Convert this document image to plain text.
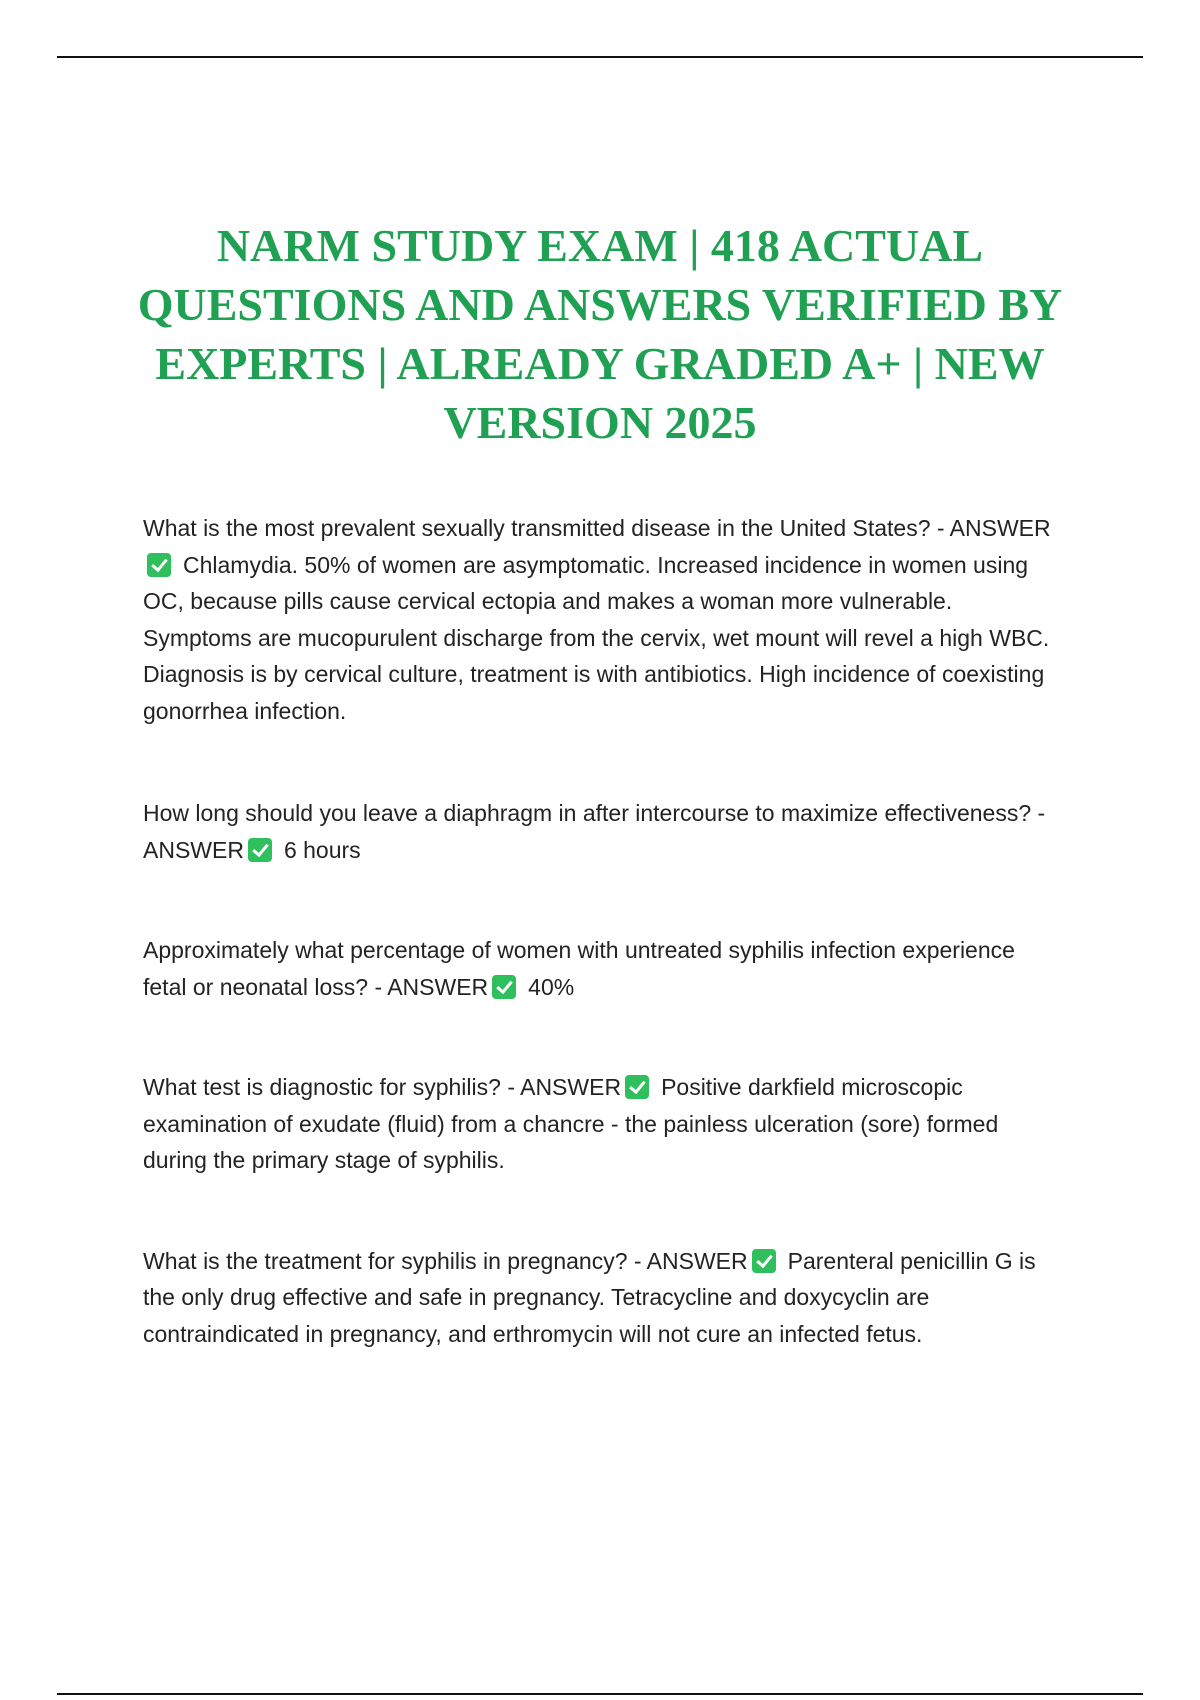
NARM STUDY EXAM | 418 ACTUAL QUESTIONS AND ANSWERS VERIFIED BY EXPERTS | ALREADY GRADED A+ | NEW VERSION 2025

What is the most prevalent sexually transmitted disease in the United States? - ANSWERChlamydia. 50% of women are asymptomatic. Increased incidence in women using OC, because pills cause cervical ectopia and makes a woman more vulnerable. Symptoms are mucopurulent discharge from the cervix, wet mount will revel a high WBC. Diagnosis is by cervical culture, treatment is with antibiotics. High incidence of coexisting gonorrhea infection.

How long should you leave a diaphragm in after intercourse to maximize effectiveness? - ANSWER 6 hours

Approximately what percentage of women with untreated syphilis infection experience fetal or neonatal loss? - ANSWER 40%

What test is diagnostic for syphilis? - ANSWER Positive darkfield microscopic examination of exudate (fluid) from a chancre - the painless ulceration (sore) formed during the primary stage of syphilis.

What is the treatment for syphilis in pregnancy? - ANSWER Parenteral penicillin G is the only drug effective and safe in pregnancy. Tetracycline and doxycyclin are contraindicated in pregnancy, and erthromycin will not cure an infected fetus.
